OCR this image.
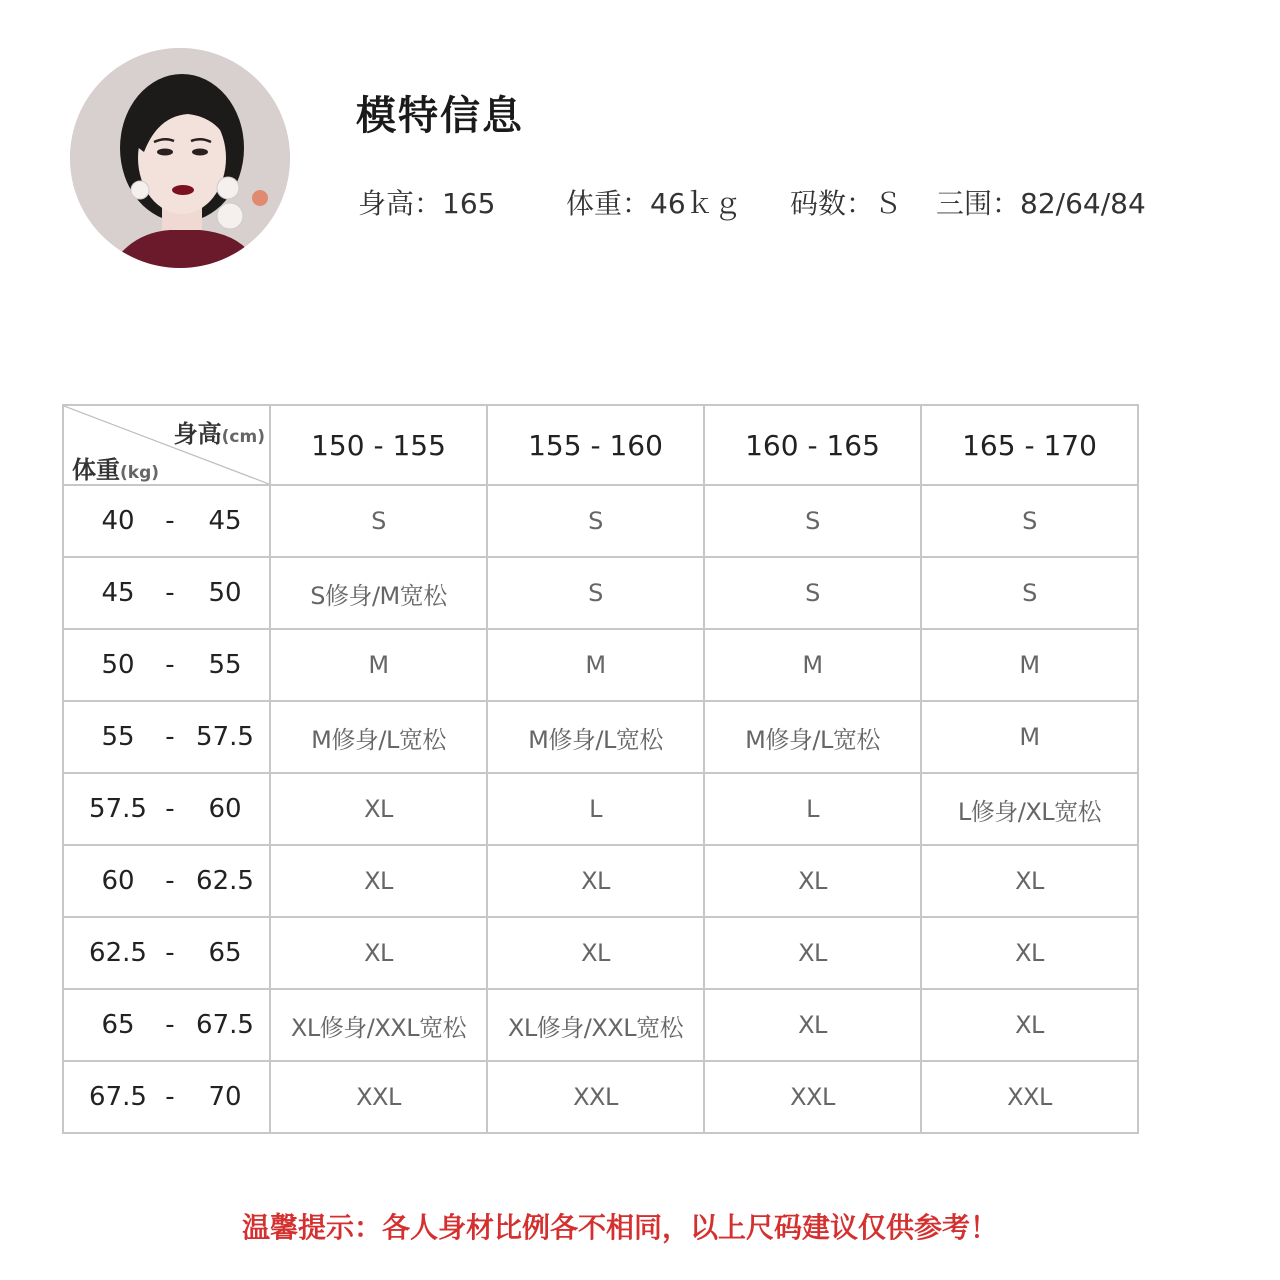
模特信息
身高：165	体重：46ｋｇ 码数：Ｓ 三围：82/64/84
身高(cm)
体重(kg)	150 - 155	155 - 160	160 - 165	165 - 170

40 - 45	S	S	S	S

45 - 50	S修身/M宽松	S	S	S

50 - 55	M	M	M	M

55 - 57.5	M修身/L宽松	M修身/L宽松	M修身/L宽松	M

57.5 - 60	XL	L	L	L修身/XL宽松

60 - 62.5	XL	XL	XL	XL

62.5 - 65	XL	XL	XL	XL

65 - 67.5	XL修身/XXL宽松	XL修身/XXL宽松	XL	XL

67.5 - 70	XXL	XXL	XXL	XXL
温馨提示：各人身材比例各不相同，以上尺码建议仅供参考！
